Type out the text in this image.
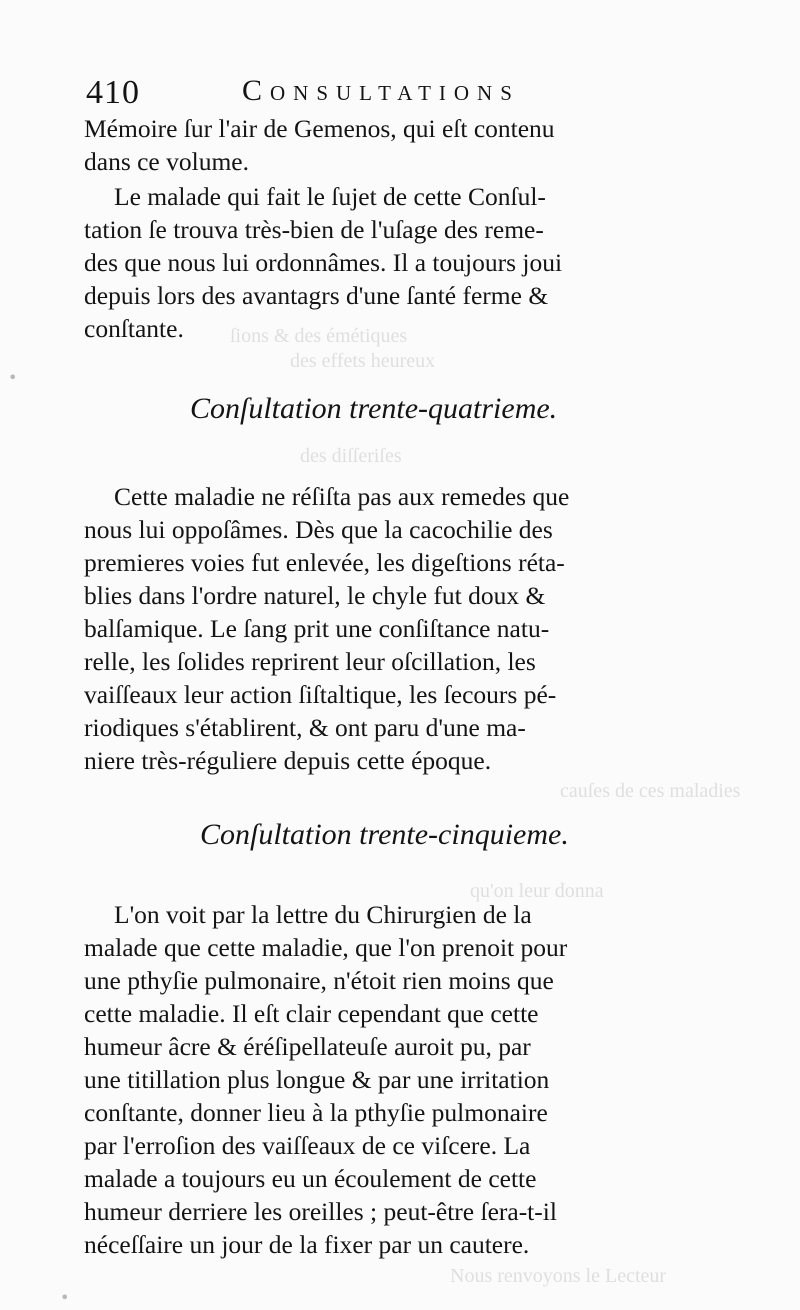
ſions & des émétiques
des effets heureux
des diſſeriſes
cauſes de ces maladies
qu'on leur donna
Nous renvoyons le Lecteur
•
•
410	Consultations
Mémoire ſur l'air de Gemenos, qui eſt contenu
dans ce volume.
Le malade qui fait le ſujet de cette Conſul-
tation ſe trouva très-bien de l'uſage des reme-
des que nous lui ordonnâmes. Il a toujours joui
depuis lors des avantagrs d'une ſanté ferme &
conſtante.
Conſultation trente-quatrieme.
Cette maladie ne réſiſta pas aux remedes que
nous lui oppoſâmes. Dès que la cacochilie des
premieres voies fut enlevée, les digeſtions réta-
blies dans l'ordre naturel, le chyle fut doux &
balſamique. Le ſang prit une conſiſtance natu-
relle, les ſolides reprirent leur oſcillation, les
vaiſſeaux leur action ſiſtaltique, les ſecours pé-
riodiques s'établirent, & ont paru d'une ma-
niere très-réguliere depuis cette époque.
Conſultation trente-cinquieme.
L'on voit par la lettre du Chirurgien de la
malade que cette maladie, que l'on prenoit pour
une pthyſie pulmonaire, n'étoit rien moins que
cette maladie. Il eſt clair cependant que cette
humeur âcre & éréſipellateuſe auroit pu, par
une titillation plus longue & par une irritation
conſtante, donner lieu à la pthyſie pulmonaire
par l'erroſion des vaiſſeaux de ce viſcere. La
malade a toujours eu un écoulement de cette
humeur derriere les oreilles ; peut-être ſera-t-il
néceſſaire un jour de la fixer par un cautere.
